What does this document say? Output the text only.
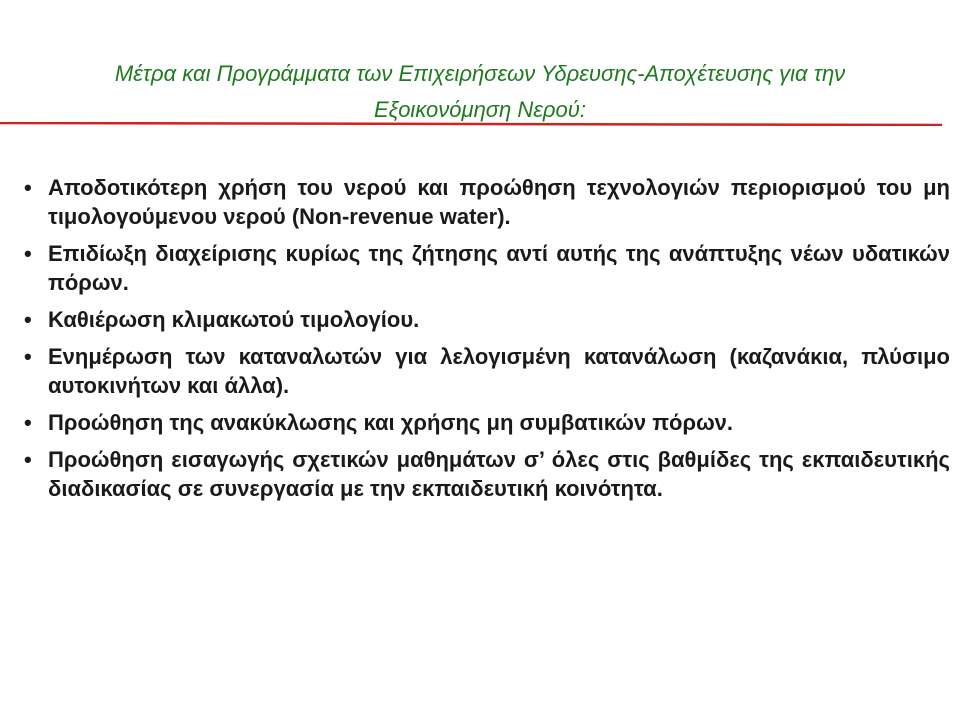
Μέτρα και Προγράμματα των Επιχειρήσεων Υδρευσης-Αποχέτευσης για την
Εξοικονόμηση Νερού:
• Αποδοτικότερη χρήση του νερού και προώθηση τεχνολογιών περιορισμού του μη τιμολογούμενου νερού (Non-revenue water).
• Επιδίωξη διαχείρισης κυρίως της ζήτησης αντί αυτής της ανάπτυξης νέων υδατικών πόρων.
• Καθιέρωση κλιμακωτού τιμολογίου.
• Ενημέρωση των καταναλωτών για λελογισμένη κατανάλωση (καζανάκια, πλύσιμο αυτοκινήτων και άλλα).
• Προώθηση της ανακύκλωσης και χρήσης μη συμβατικών πόρων.
• Προώθηση εισαγωγής σχετικών μαθημάτων σ’ όλες στις βαθμίδες της εκπαιδευτικής διαδικασίας σε συνεργασία με την εκπαιδευτική κοινότητα.
